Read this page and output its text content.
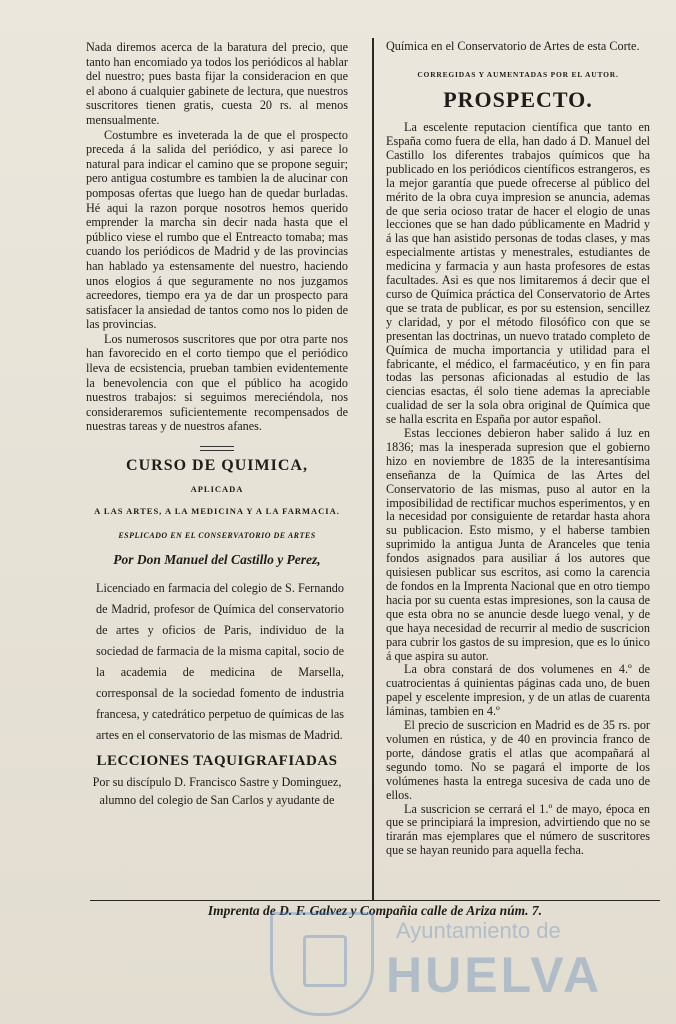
Nada diremos acerca de la baratura del precio, que tanto han encomiado ya todos los periódicos al hablar del nuestro; pues basta fijar la consideracion en que el abono á cualquier gabinete de lectura, que nuestros suscritores tienen gratis, cuesta 20 rs. al menos mensualmente.

Costumbre es inveterada la de que el prospecto preceda á la salida del periódico, y asi parece lo natural para indicar el camino que se propone seguir; pero antigua costumbre es tambien la de alucinar con pomposas ofertas que luego han de quedar burladas. Hé aqui la razon porque nosotros hemos querido emprender la marcha sin decir nada hasta que el público viese el rumbo que el Entreacto tomaba; mas cuando los periódicos de Madrid y de las provincias han hablado ya estensamente del nuestro, haciendo unos elogios á que seguramente no nos juzgamos acreedores, tiempo era ya de dar un prospecto para satisfacer la ansiedad de tantos como nos lo piden de las provincias.

Los numerosos suscritores que por otra parte nos han favorecido en el corto tiempo que el periódico lleva de ecsistencia, prueban tambien evidentemente la benevolencia con que el público ha acogido nuestros trabajos: si seguimos mereciéndola, nos consideraremos suficientemente recompensados de nuestras tareas y de nuestros afanes.

CURSO DE QUIMICA,
APLICADA
A LAS ARTES, A LA MEDICINA Y A LA FARMACIA.
ESPLICADO EN EL CONSERVATORIO DE ARTES
Por Don Manuel del Castillo y Perez,

Licenciado en farmacia del colegio de S. Fernando de Madrid, profesor de Química del conservatorio de artes y oficios de Paris, individuo de la sociedad de farmacia de la misma capital, socio de la academia de medicina de Marsella, corresponsal de la sociedad fomento de industria francesa, y catedrático perpetuo de químicas de las artes en el conservatorio de las mismas de Madrid.

LECCIONES TAQUIGRAFIADAS

Por su discípulo D. Francisco Sastre y Dominguez, alumno del colegio de San Carlos y ayudante de

Química en el Conservatorio de Artes de esta Corte.

CORREGIDAS Y AUMENTADAS POR EL AUTOR.
PROSPECTO.

La escelente reputacion científica que tanto en España como fuera de ella, han dado á D. Manuel del Castillo los diferentes trabajos químicos que ha publicado en los periódicos científicos estrangeros, es la mejor garantía que puede ofrecerse al público del mérito de la obra cuya impresion se anuncia, ademas de que seria ocioso tratar de hacer el elogio de unas lecciones que se han dado públicamente en Madrid y á las que han asistido personas de todas clases, y mas especialmente artistas y menestrales, estudiantes de medicina y farmacia y aun hasta profesores de estas facultades. Asi es que nos limitaremos á decir que el curso de Química práctica del Conservatorio de Artes que se trata de publicar, es por su estension, sencillez y claridad, y por el método filosófico con que se presentan las doctrinas, un nuevo tratado completo de Química de mucha importancia y utilidad para el fabricante, el médico, el farmacéutico, y en fin para todas las personas aficionadas al estudio de las ciencias esactas, él solo tiene ademas la apreciable cualidad de ser la sola obra original de Química que se halla escrita en España por autor español.

Estas lecciones debieron haber salido á luz en 1836; mas la inesperada supresion que el gobierno hizo en noviembre de 1835 de la interesantísima enseñanza de la Química de las Artes del Conservatorio de las mismas, puso al autor en la imposibilidad de rectificar muchos esperimentos, y en la necesidad por consiguiente de retardar hasta ahora su publicacion. Esto mismo, y el haberse tambien suprimido la antigua Junta de Aranceles que tenia fondos asignados para ausiliar á los autores que quisiesen publicar sus escritos, asi como la carencia de fondos en la Imprenta Nacional que en otro tiempo hacia por su cuenta estas impresiones, son la causa de que esta obra no se anuncie desde luego venal, y de que haya necesidad de recurrir al medio de suscricion para cubrir los gastos de su impresion, que es lo único á que aspira su autor.

La obra constará de dos volumenes en 4.º de cuatrocientas á quinientas páginas cada uno, de buen papel y escelente impresion, y de un atlas de cuarenta láminas, tambien en 4.º

El precio de suscricion en Madrid es de 35 rs. por volumen en rústica, y de 40 en provincia franco de porte, dándose gratis el atlas que acompañará al segundo tomo. No se pagará el importe de los volúmenes hasta la entrega sucesiva de cada uno de ellos.

La suscricion se cerrará el 1.º de mayo, época en que se principiará la impresion, advirtiendo que no se tirarán mas ejemplares que el número de suscritores que se hayan reunido para aquella fecha.

Imprenta de D. F. Galvez y Compañia calle de Ariza núm. 7.
Ayuntamiento de
HUELVA
